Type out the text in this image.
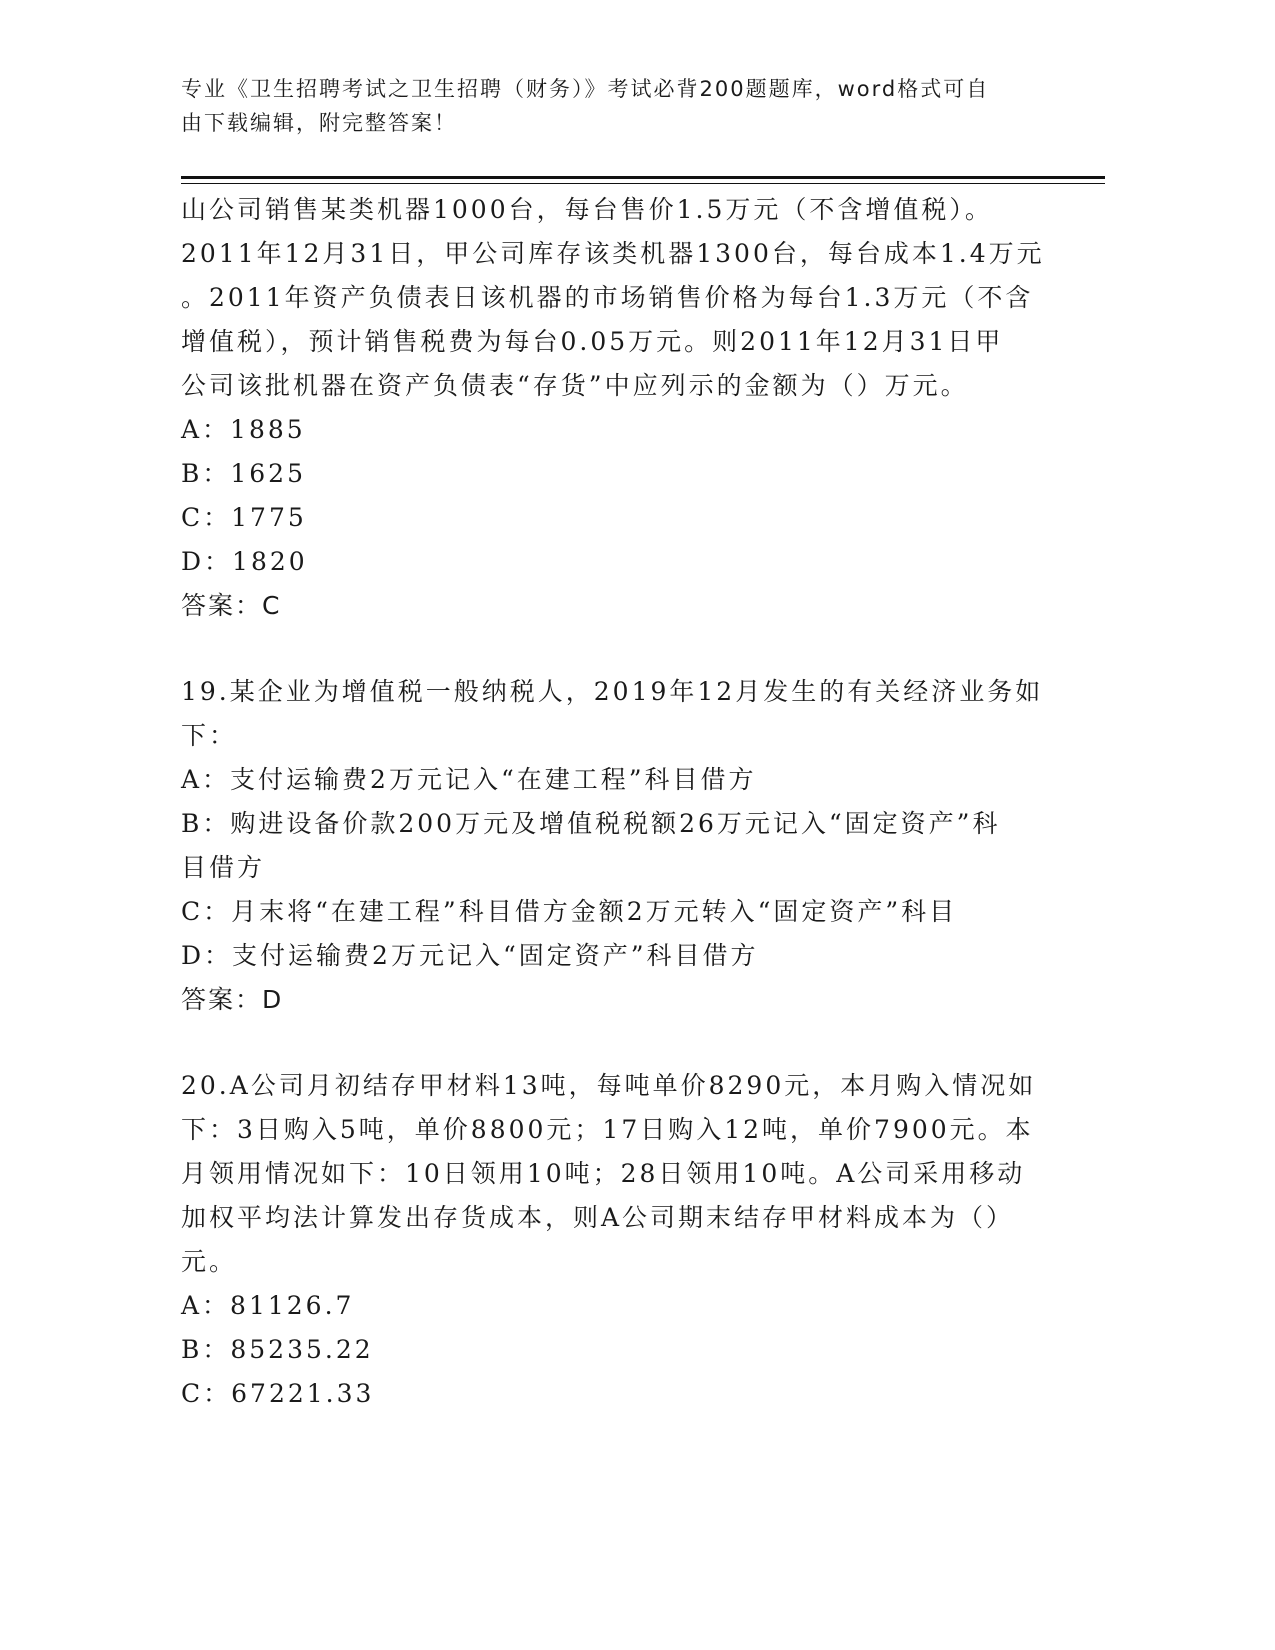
专业《卫生招聘考试之卫生招聘（财务）》考试必背200题题库，word格式可自
由下载编辑，附完整答案！
山公司销售某类机器1000台，每台售价1.5万元（不含增值税）。
2011年12月31日，甲公司库存该类机器1300台，每台成本1.4万元
。2011年资产负债表日该机器的市场销售价格为每台1.3万元（不含
增值税），预计销售税费为每台0.05万元。则2011年12月31日甲
公司该批机器在资产负债表“存货”中应列示的金额为（）万元。
A：1885
B：1625
C：1775
D：1820
答案：C
19.某企业为增值税一般纳税人，2019年12月发生的有关经济业务如
下：
A：支付运输费2万元记入“在建工程”科目借方
B：购进设备价款200万元及增值税税额26万元记入“固定资产”科
目借方
C：月末将“在建工程”科目借方金额2万元转入“固定资产”科目
D：支付运输费2万元记入“固定资产”科目借方
答案：D
20.A公司月初结存甲材料13吨，每吨单价8290元，本月购入情况如
下：3日购入5吨，单价8800元；17日购入12吨，单价7900元。本
月领用情况如下：10日领用10吨；28日领用10吨。A公司采用移动
加权平均法计算发出存货成本，则A公司期末结存甲材料成本为（）
元。
A：81126.7
B：85235.22
C：67221.33
